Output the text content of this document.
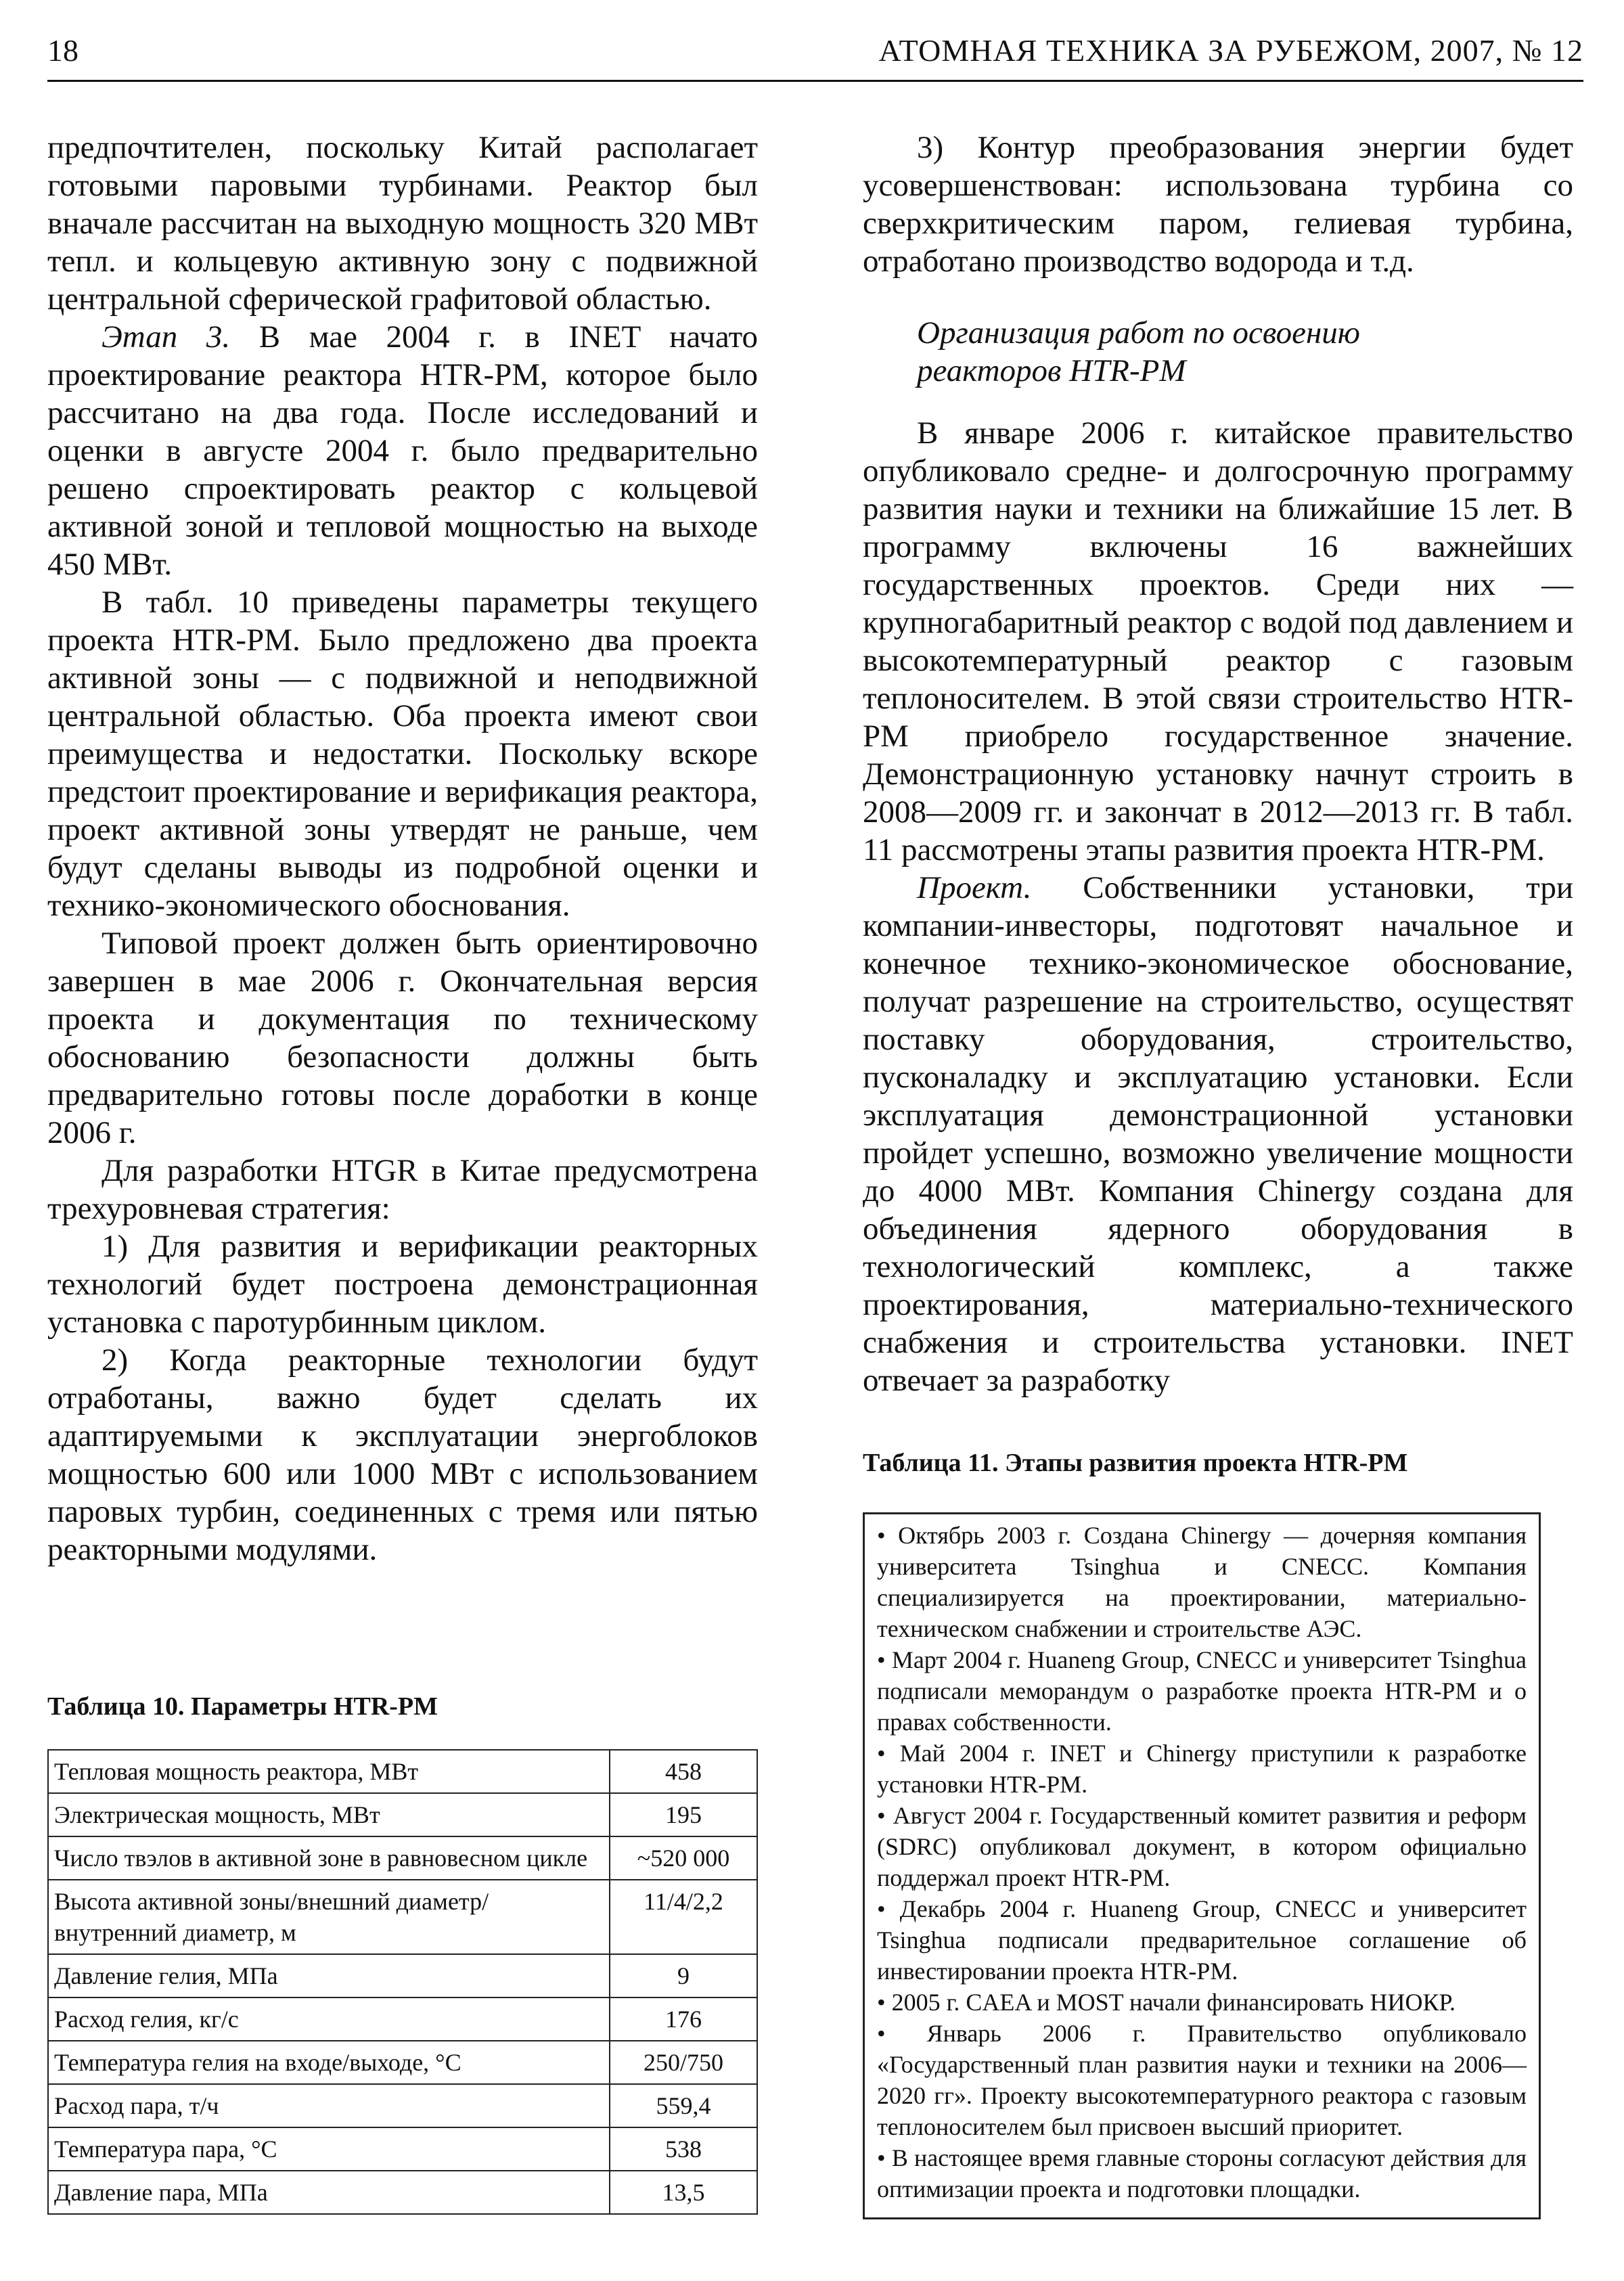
18	АТОМНАЯ ТЕХНИКА ЗА РУБЕЖОМ, 2007, № 12

предпочтителен, поскольку Китай располагает готовыми паровыми турбинами. Реактор был вначале рассчитан на выходную мощность 320 МВт тепл. и кольцевую активную зону с подвижной центральной сферической графитовой областью.

Этап 3. В мае 2004 г. в INET начато проектирование реактора HTR-PM, которое было рассчитано на два года. После исследований и оценки в августе 2004 г. было предварительно решено спроектировать реактор с кольцевой активной зоной и тепловой мощностью на выходе 450 МВт.

В табл. 10 приведены параметры текущего проекта HTR-PM. Было предложено два проекта активной зоны — с подвижной и неподвижной центральной областью. Оба проекта имеют свои преимущества и недостатки. Поскольку вскоре предстоит проектирование и верификация реактора, проект активной зоны утвердят не раньше, чем будут сделаны выводы из подробной оценки и технико-экономического обоснования.

Типовой проект должен быть ориентировочно завершен в мае 2006 г. Окончательная версия проекта и документация по техническому обоснованию безопасности должны быть предварительно готовы после доработки в конце 2006 г.

Для разработки HTGR в Китае предусмотрена трехуровневая стратегия:

1) Для развития и верификации реакторных технологий будет построена демонстрационная установка с паротурбинным циклом.

2) Когда реакторные технологии будут отработаны, важно будет сделать их адаптируемыми к эксплуатации энергоблоков мощностью 600 или 1000 МВт с использованием паровых турбин, соединенных с тремя или пятью реакторными модулями.

Таблица 10. Параметры HTR-PM
Тепловая мощность реактора, МВт	458
Электрическая мощность, МВт	195
Число твэлов в активной зоне в равновесном цикле	~520 000
Высота активной зоны/внешний диаметр/внутренний диаметр, м	11/4/2,2
Давление гелия, МПа	9
Расход гелия, кг/с	176
Температура гелия на входе/выходе, °С	250/750
Расход пара, т/ч	559,4
Температура пара, °С	538
Давление пара, МПа	13,5

3) Контур преобразования энергии будет усовершенствован: использована турбина со сверхкритическим паром, гелиевая турбина, отработано производство водорода и т.д.

Организация работ по освоению
реакторов HTR-PM

В январе 2006 г. китайское правительство опубликовало средне- и долгосрочную программу развития науки и техники на ближайшие 15 лет. В программу включены 16 важнейших государственных проектов. Среди них — крупногабаритный реактор с водой под давлением и высокотемпературный реактор с газовым теплоносителем. В этой связи строительство HTR-PM приобрело государственное значение. Демонстрационную установку начнут строить в 2008—2009 гг. и закончат в 2012—2013 гг. В табл. 11 рассмотрены этапы развития проекта HTR-PM.

Проект. Собственники установки, три компании-инвесторы, подготовят начальное и конечное технико-экономическое обоснование, получат разрешение на строительство, осуществят поставку оборудования, строительство, пусконаладку и эксплуатацию установки. Если эксплуатация демонстрационной установки пройдет успешно, возможно увеличение мощности до 4000 МВт. Компания Chinergy создана для объединения ядерного оборудования в технологический комплекс, а также проектирования, материально-технического снабжения и строительства установки. INET отвечает за разработку

Таблица 11. Этапы развития проекта HTR-PM
• Октябрь 2003 г. Создана Chinergy — дочерняя компания университета Tsinghua и CNECC. Компания специализируется на проектировании, материально-техническом снабжении и строительстве АЭС.
• Март 2004 г. Huaneng Group, CNECC и университет Tsinghua подписали меморандум о разработке проекта HTR-PM и о правах собственности.
• Май 2004 г. INET и Chinergy приступили к разработке установки HTR-PM.
• Август 2004 г. Государственный комитет развития и реформ (SDRC) опубликовал документ, в котором официально поддержал проект HTR-PM.
• Декабрь 2004 г. Huaneng Group, CNECC и университет Tsinghua подписали предварительное соглашение об инвестировании проекта HTR-PM.
• 2005 г. CAEA и MOST начали финансировать НИОКР.
• Январь 2006 г. Правительство опубликовало «Государственный план развития науки и техники на 2006—2020 гг». Проекту высокотемпературного реактора с газовым теплоносителем был присвоен высший приоритет.
• В настоящее время главные стороны согласуют действия для оптимизации проекта и подготовки площадки.
